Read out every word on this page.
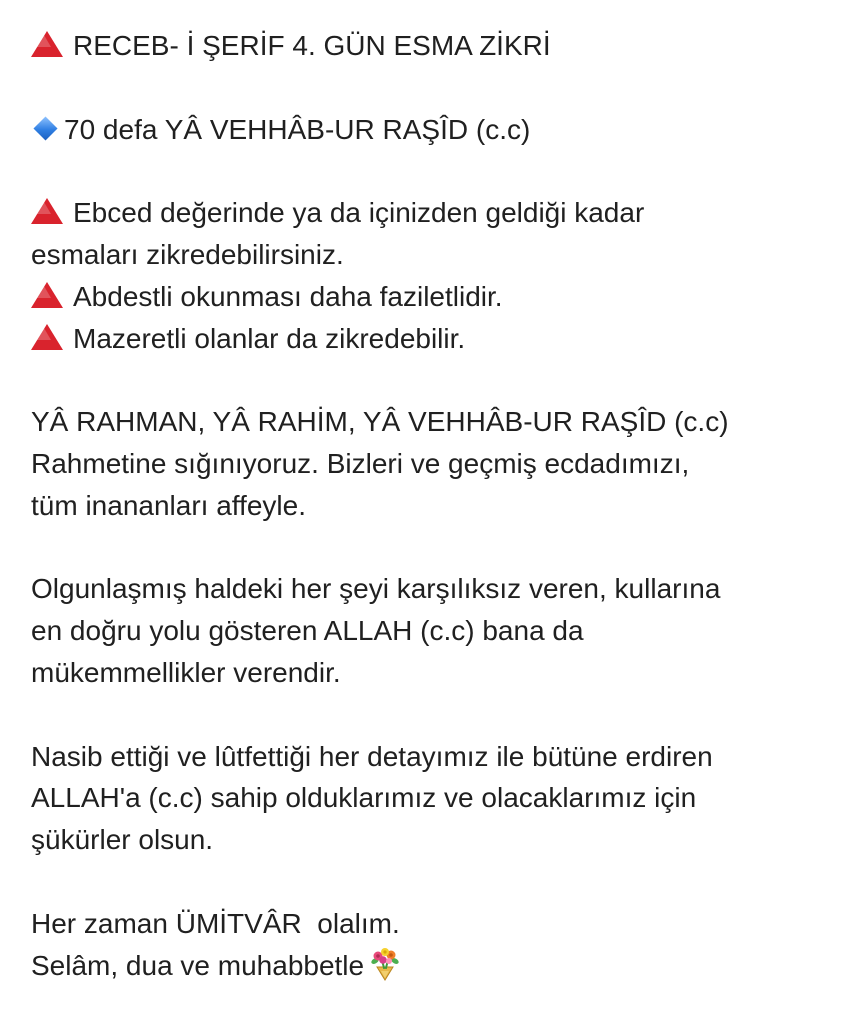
RECEB- İ ŞERİF 4. GÜN ESMA ZİKRİ
70 defa YÂ VEHHÂB-UR RAŞÎD (c.c)
Ebced değerinde ya da içinizden geldiği kadar
esmaları zikredebilirsiniz.
Abdestli okunması daha faziletlidir.
Mazeretli olanlar da zikredebilir.
YÂ RAHMAN, YÂ RAHİM, YÂ VEHHÂB-UR RAŞÎD (c.c)
Rahmetine sığınıyoruz. Bizleri ve geçmiş ecdadımızı,
tüm inananları affeyle.
Olgunlaşmış haldeki her şeyi karşılıksız veren, kullarına
en doğru yolu gösteren ALLAH (c.c) bana da
mükemmellikler verendir.
Nasib ettiği ve lûtfettiği her detayımız ile bütüne erdiren
ALLAH'a (c.c) sahip olduklarımız ve olacaklarımız için
şükürler olsun.
Her zaman ÜMİTVÂR  olalım.
Selâm, dua ve muhabbetle
